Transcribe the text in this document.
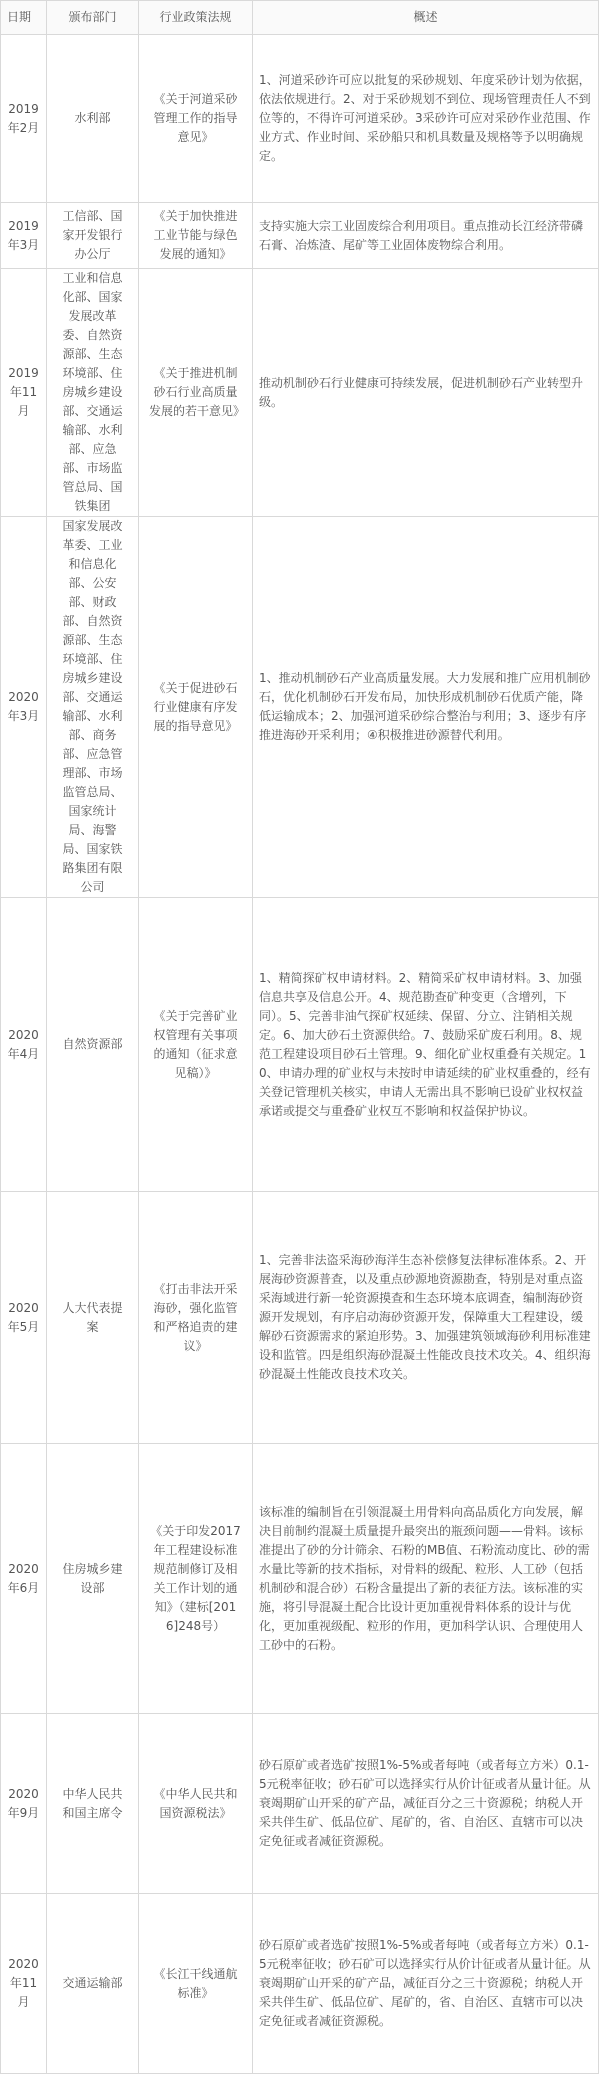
日期	颁布部门	行业政策法规	概述
2019年2月	水利部	《关于河道采砂管理工作的指导意见》	1、河道采砂许可应以批复的采砂规划、年度采砂计划为依据，依法依规进行。2、对于采砂规划不到位、现场管理责任人不到位等的，不得许可河道采砂。3采砂许可应对采砂作业范围、作业方式、作业时间、采砂船只和机具数量及规格等予以明确规定。
2019年3月	工信部、国家开发银行办公厅	《关于加快推进工业节能与绿色发展的通知》	支持实施大宗工业固废综合利用项目。重点推动长江经济带磷石膏、冶炼渣、尾矿等工业固体废物综合利用。
2019年11月	工业和信息化部、国家发展改革委、自然资源部、生态环境部、住房城乡建设部、交通运输部、水利部、应急部、市场监管总局、国铁集团	《关于推进机制砂石行业高质量发展的若干意见》	推动机制砂石行业健康可持续发展，促进机制砂石产业转型升级。
2020年3月	国家发展改革委、工业和信息化部、公安部、财政部、自然资源部、生态环境部、住房城乡建设部、交通运输部、水利部、商务部、应急管理部、市场监管总局、国家统计局、海警局、国家铁路集团有限公司	《关于促进砂石行业健康有序发展的指导意见》	1、推动机制砂石产业高质量发展。大力发展和推广应用机制砂石，优化机制砂石开发布局，加快形成机制砂石优质产能，降低运输成本；2、加强河道采砂综合整治与利用；3、逐步有序推进海砂开采利用；④积极推进砂源替代利用。
2020年4月	自然资源部	《关于完善矿业权管理有关事项的通知（征求意见稿）》	1、精简探矿权申请材料。2、精简采矿权申请材料。3、加强信息共享及信息公开。4、规范勘查矿种变更（含增列，下同）。5、完善非油气探矿权延续、保留、分立、注销相关规定。6、加大砂石土资源供给。7、鼓励采矿废石利用。8、规范工程建设项目砂石土管理。9、细化矿业权重叠有关规定。10、申请办理的矿业权与未按时申请延续的矿业权重叠的，经有关登记管理机关核实，申请人无需出具不影响已设矿业权权益承诺或提交与重叠矿业权互不影响和权益保护协议。
2020年5月	人大代表提案	《打击非法开采海砂，强化监管和严格追责的建议》	1、完善非法盗采海砂海洋生态补偿修复法律标准体系。2、开展海砂资源普查，以及重点砂源地资源勘查，特别是对重点盗采海域进行新一轮资源摸查和生态环境本底调查，编制海砂资源开发规划，有序启动海砂资源开发，保障重大工程建设，缓解砂石资源需求的紧迫形势。3、加强建筑领域海砂利用标准建设和监管。四是组织海砂混凝土性能改良技术攻关。4、组织海砂混凝土性能改良技术攻关。
2020年6月	住房城乡建设部	《关于印发2017年工程建设标准规范制修订及相关工作计划的通知》（建标[2016]248号）	该标准的编制旨在引领混凝土用骨料向高品质化方向发展，解决目前制约混凝土质量提升最突出的瓶颈问题——骨料。该标准提出了砂的分计筛余、石粉的MB值、石粉流动度比、砂的需水量比等新的技术指标，对骨料的级配、粒形、人工砂（包括机制砂和混合砂）石粉含量提出了新的表征方法。该标准的实施，将引导混凝土配合比设计更加重视骨料体系的设计与优化，更加重视级配、粒形的作用，更加科学认识、合理使用人工砂中的石粉。
2020年9月	中华人民共和国主席令	《中华人民共和国资源税法》	砂石原矿或者选矿按照1%-5%或者每吨（或者每立方米）0.1-5元税率征收；砂石矿可以选择实行从价计征或者从量计征。从衰竭期矿山开采的矿产品，减征百分之三十资源税；纳税人开采共伴生矿、低品位矿、尾矿的，省、自治区、直辖市可以决定免征或者减征资源税。
2020年11月	交通运输部	《长江干线通航标准》	砂石原矿或者选矿按照1%-5%或者每吨（或者每立方米）0.1-5元税率征收；砂石矿可以选择实行从价计征或者从量计征。从衰竭期矿山开采的矿产品，减征百分之三十资源税；纳税人开采共伴生矿、低品位矿、尾矿的，省、自治区、直辖市可以决定免征或者减征资源税。
